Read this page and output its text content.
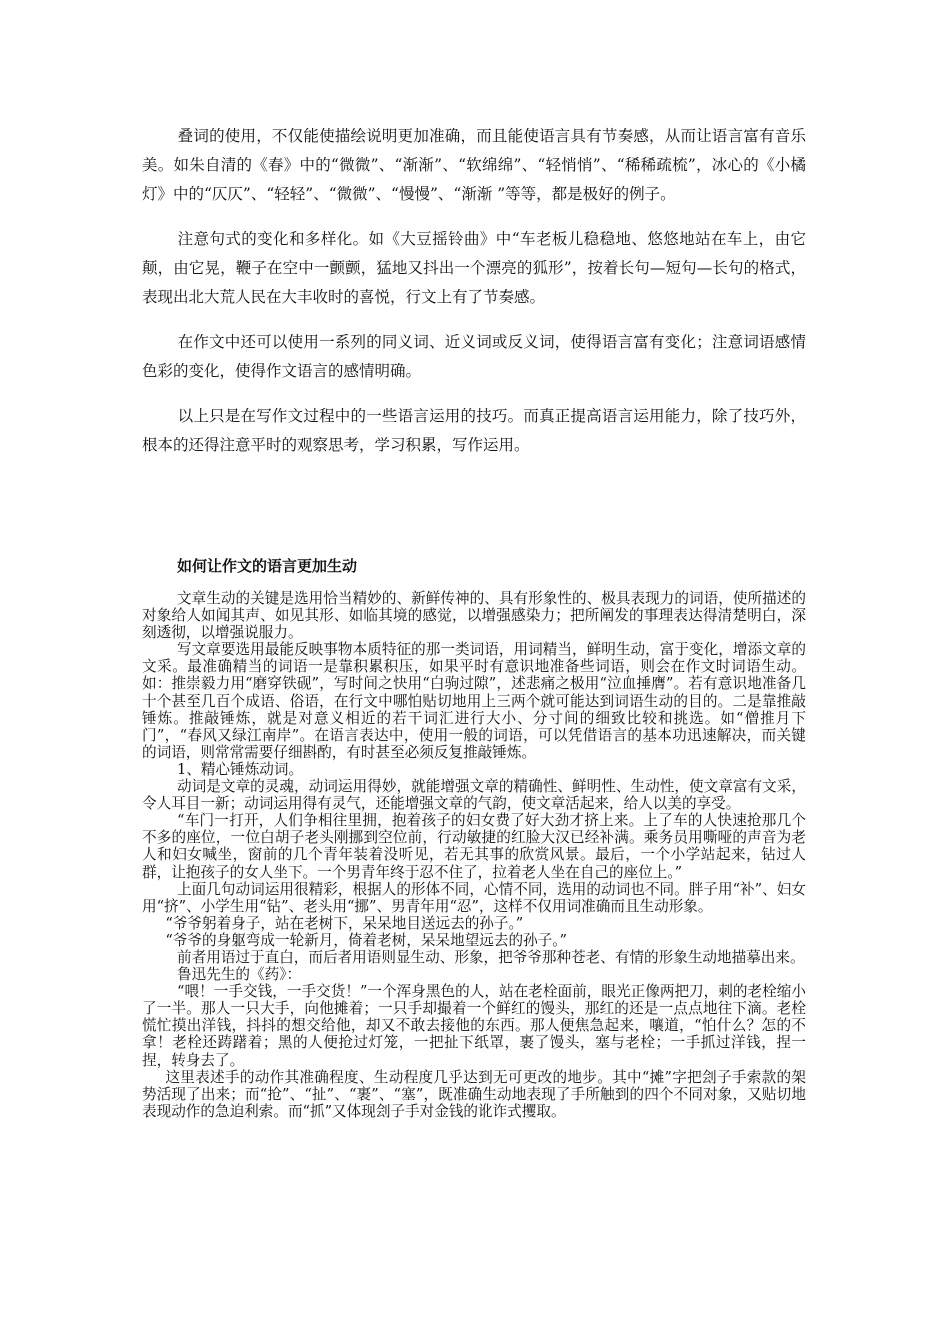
叠词的使用，不仅能使描绘说明更加准确，而且能使语言具有节奏感，从而让语言富有音乐美。如朱自清的《春》中的“微微”、“渐渐”、“软绵绵”、“轻悄悄”、“稀稀疏梳”，冰心的《小橘灯》中的“仄仄”、“轻轻”、“微微”、“慢慢”、“渐渐 ”等等，都是极好的例子。

注意句式的变化和多样化。如《大豆摇铃曲》中“车老板儿稳稳地、悠悠地站在车上，由它颠，由它晃，鞭子在空中一颤颤，猛地又抖出一个漂亮的狐形”，按着长句—短句—长句的格式，表现出北大荒人民在大丰收时的喜悦，行文上有了节奏感。

在作文中还可以使用一系列的同义词、近义词或反义词，使得语言富有变化；注意词语感情色彩的变化，使得作文语言的感情明确。

以上只是在写作文过程中的一些语言运用的技巧。而真正提高语言运用能力，除了技巧外，根本的还得注意平时的观察思考，学习积累，写作运用。

如何让作文的语言更加生动

文章生动的关键是选用恰当精妙的、新鲜传神的、具有形象性的、极具表现力的词语，使所描述的对象给人如闻其声、如见其形、如临其境的感觉，以增强感染力；把所阐发的事理表达得清楚明白，深刻透彻，以增强说服力。

写文章要选用最能反映事物本质特征的那一类词语，用词精当，鲜明生动，富于变化，增添文章的文采。最准确精当的词语一是靠积累积压，如果平时有意识地准备些词语，则会在作文时词语生动。如：推崇毅力用“磨穿铁砚”，写时间之快用“白驹过隙”，述悲痛之极用“泣血捶膺”。若有意识地准备几十个甚至几百个成语、俗语，在行文中哪怕贴切地用上三两个就可能达到词语生动的目的。二是靠推敲锤炼。推敲锤炼，就是对意义相近的若干词汇进行大小、分寸间的细致比较和挑选。如“僧推月下门”，“春风又绿江南岸”。在语言表达中，使用一般的词语，可以凭借语言的基本功迅速解决，而关键的词语，则常常需要仔细斟酌，有时甚至必须反复推敲锤炼。

1、精心锤炼动词。

动词是文章的灵魂，动词运用得妙，就能增强文章的精确性、鲜明性、生动性，使文章富有文采，令人耳目一新；动词运用得有灵气，还能增强文章的气韵，使文章活起来，给人以美的享受。

“车门一打开，人们争相往里拥，抱着孩子的妇女费了好大劲才挤上来。上了车的人快速抢那几个不多的座位，一位白胡子老头刚挪到空位前，行动敏捷的红脸大汉已经补满。乘务员用嘶哑的声音为老人和妇女喊坐，窗前的几个青年装着没听见，若无其事的欣赏风景。最后，一个小学站起来，钻过人群，让抱孩子的女人坐下。一个男青年终于忍不住了，拉着老人坐在自己的座位上。”

上面几句动词运用很精彩，根据人的形体不同，心情不同，选用的动词也不同。胖子用“补”、妇女用“挤”、小学生用“钻”、老头用“挪”、男青年用“忍”，这样不仅用词准确而且生动形象。

“爷爷躬着身子，站在老树下，呆呆地目送远去的孙子。”

“爷爷的身躯弯成一轮新月，倚着老树，呆呆地望远去的孙子。”

前者用语过于直白，而后者用语则显生动、形象，把爷爷那种苍老、有情的形象生动地描摹出来。

鲁迅先生的《药》：

“喂！一手交钱，一手交货！”一个浑身黑色的人，站在老栓面前，眼光正像两把刀，刺的老栓缩小了一半。那人一只大手，向他摊着；一只手却撮着一个鲜红的馒头，那红的还是一点点地往下滴。老栓慌忙摸出洋钱，抖抖的想交给他，却又不敢去接他的东西。那人便焦急起来，嚷道，“怕什么？怎的不拿！老栓还踌躇着；黑的人便抢过灯笼，一把扯下纸罩，裹了馒头，塞与老栓；一手抓过洋钱，捏一捏，转身去了。

这里表述手的动作其准确程度、生动程度几乎达到无可更改的地步。其中“摊”字把刽子手索款的架势活现了出来；而“抢”、“扯”、“裹”、“塞”，既准确生动地表现了手所触到的四个不同对象，又贴切地表现动作的急迫利索。而“抓”又体现刽子手对金钱的讹诈式攫取。
